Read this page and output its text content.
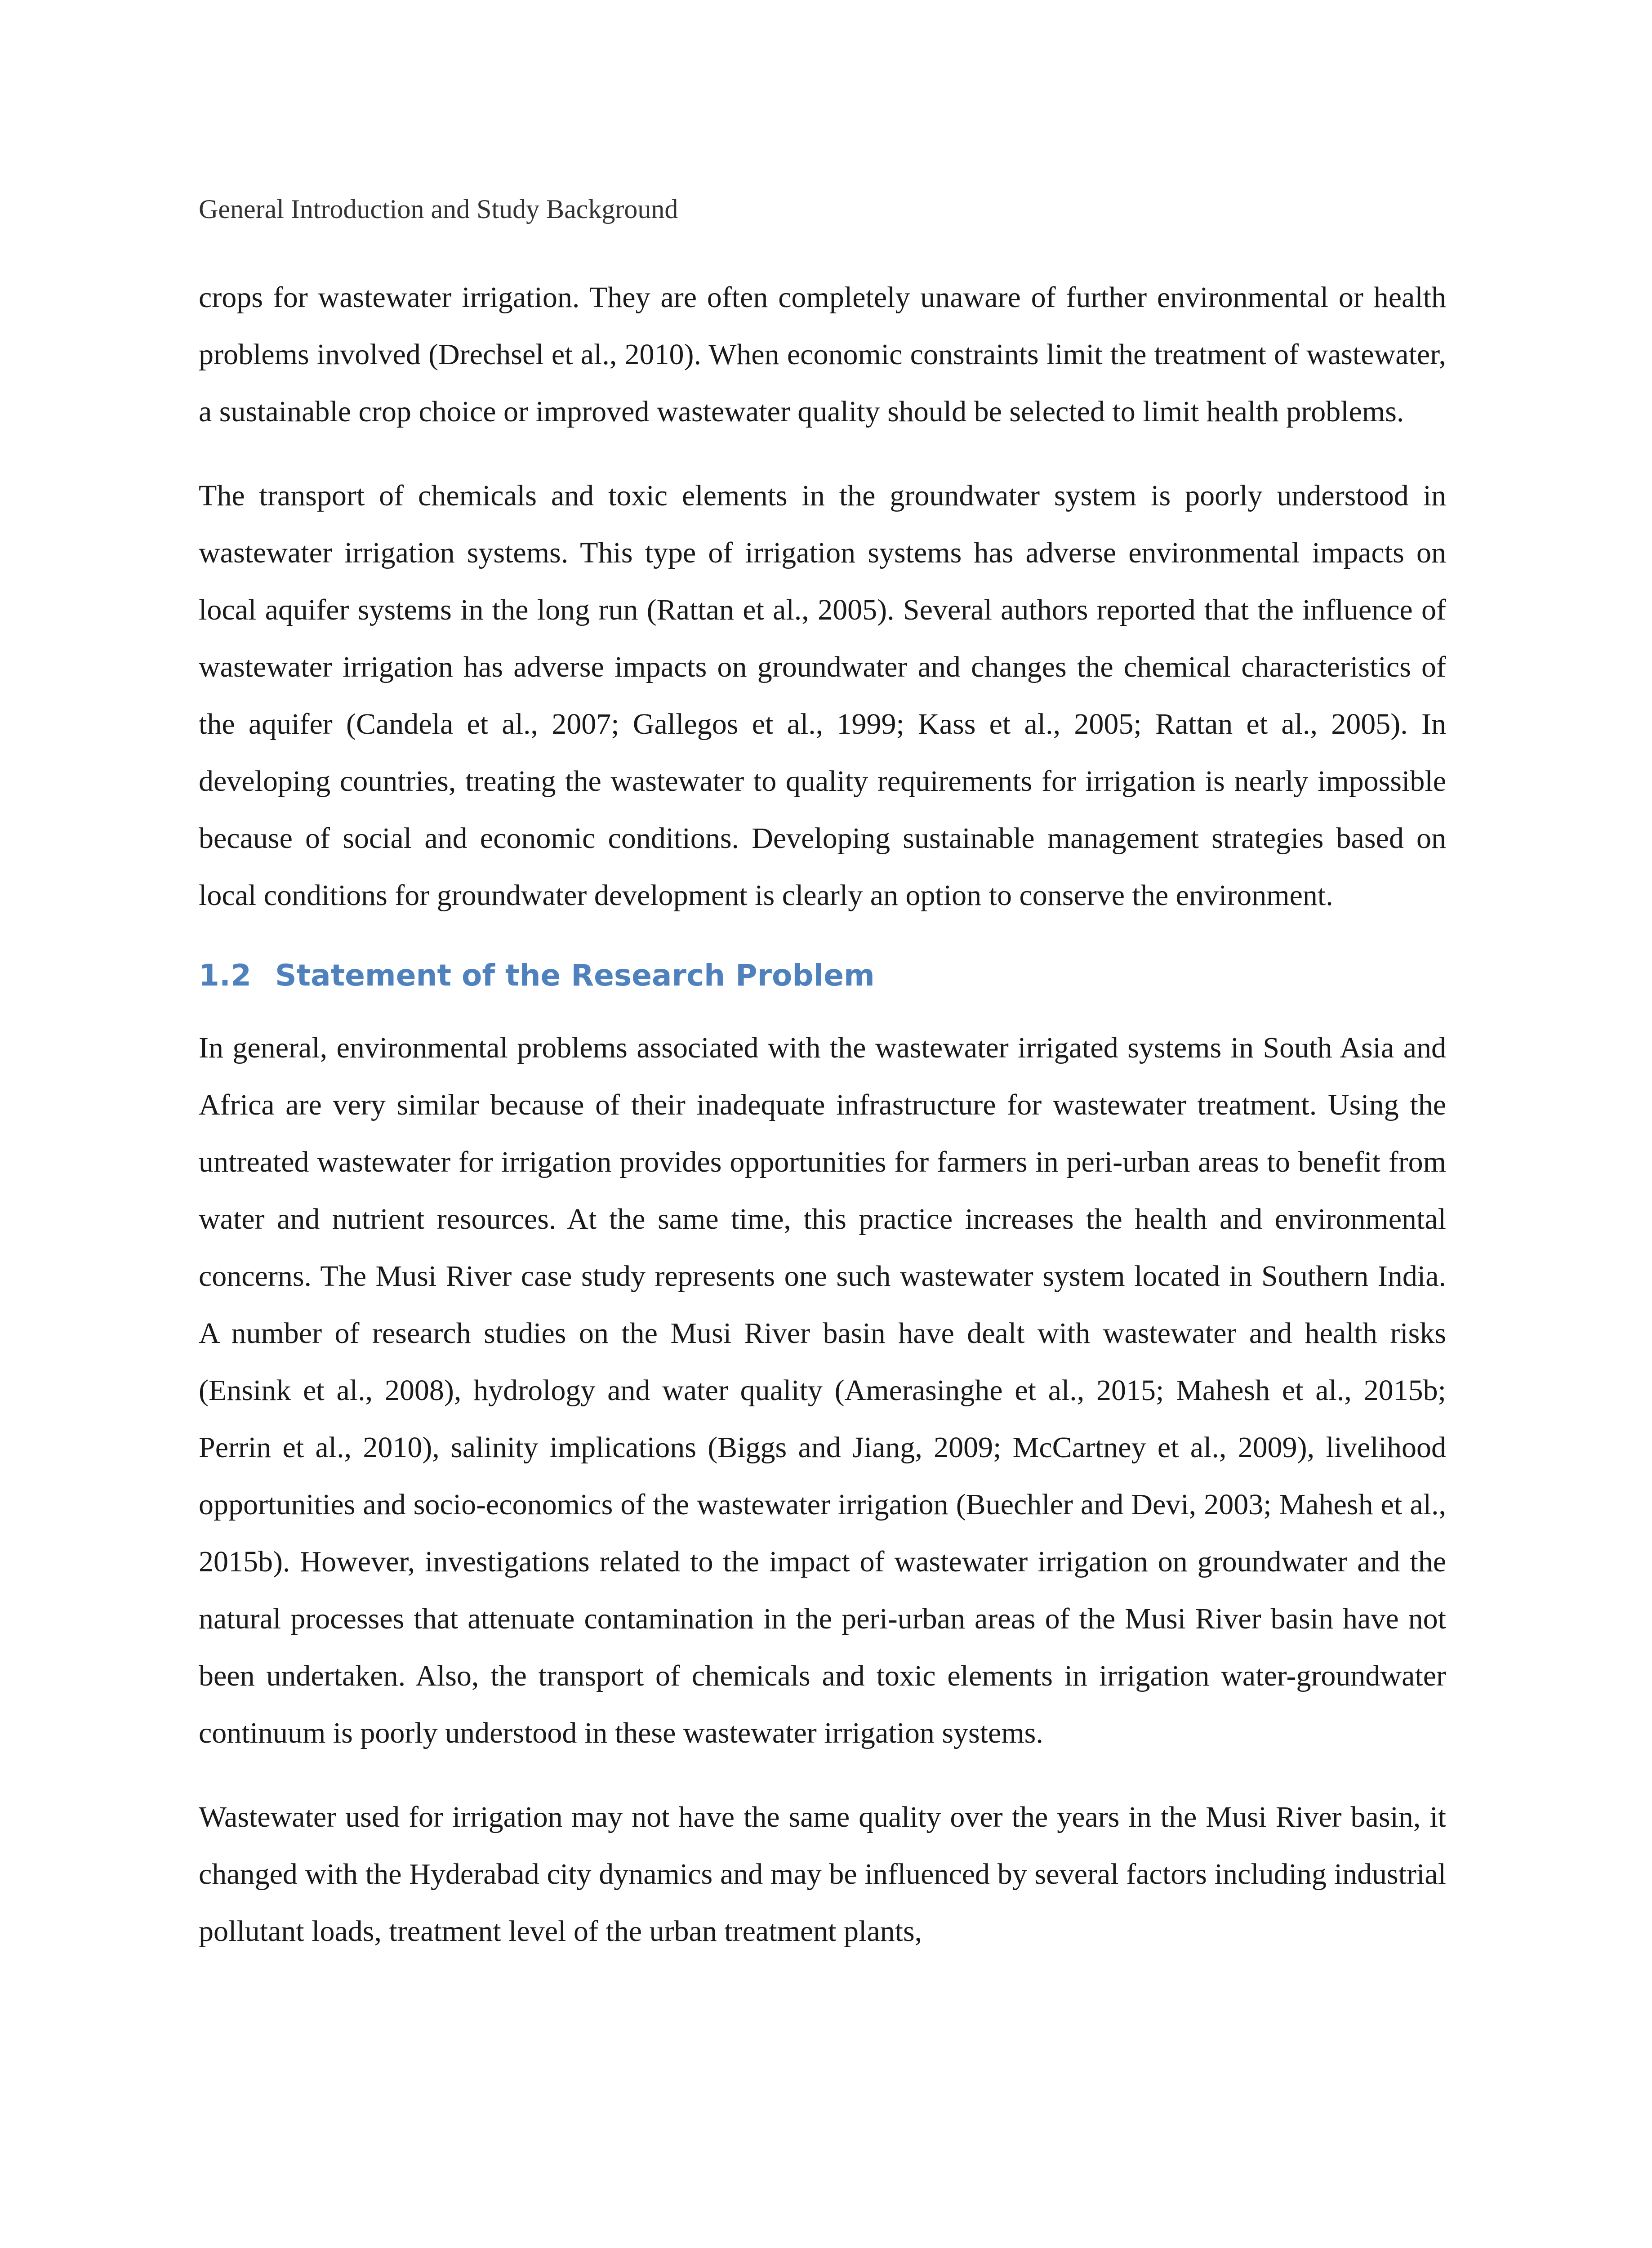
General Introduction and Study Background

crops for wastewater irrigation. They are often completely unaware of further environmental or health problems involved (Drechsel et al., 2010). When economic constraints limit the treatment of wastewater, a sustainable crop choice or improved wastewater quality should be selected to limit health problems.

The transport of chemicals and toxic elements in the groundwater system is poorly understood in wastewater irrigation systems. This type of irrigation systems has adverse environmental impacts on local aquifer systems in the long run (Rattan et al., 2005). Several authors reported that the influence of wastewater irrigation has adverse impacts on groundwater and changes the chemical characteristics of the aquifer (Candela et al., 2007; Gallegos et al., 1999; Kass et al., 2005; Rattan et al., 2005). In developing countries, treating the wastewater to quality requirements for irrigation is nearly impossible because of social and economic conditions. Developing sustainable management strategies based on local conditions for groundwater development is clearly an option to conserve the environment.

1.2 Statement of the Research Problem

In general, environmental problems associated with the wastewater irrigated systems in South Asia and Africa are very similar because of their inadequate infrastructure for wastewater treatment. Using the untreated wastewater for irrigation provides opportunities for farmers in peri-urban areas to benefit from water and nutrient resources. At the same time, this practice increases the health and environmental concerns. The Musi River case study represents one such wastewater system located in Southern India. A number of research studies on the Musi River basin have dealt with wastewater and health risks (Ensink et al., 2008), hydrology and water quality (Amerasinghe et al., 2015; Mahesh et al., 2015b; Perrin et al., 2010), salinity implications (Biggs and Jiang, 2009; McCartney et al., 2009), livelihood opportunities and socio-economics of the wastewater irrigation (Buechler and Devi, 2003; Mahesh et al., 2015b). However, investigations related to the impact of wastewater irrigation on groundwater and the natural processes that attenuate contamination in the peri-urban areas of the Musi River basin have not been undertaken. Also, the transport of chemicals and toxic elements in irrigation water-groundwater continuum is poorly understood in these wastewater irrigation systems.

Wastewater used for irrigation may not have the same quality over the years in the Musi River basin, it changed with the Hyderabad city dynamics and may be influenced by several factors including industrial pollutant loads, treatment level of the urban treatment plants,
